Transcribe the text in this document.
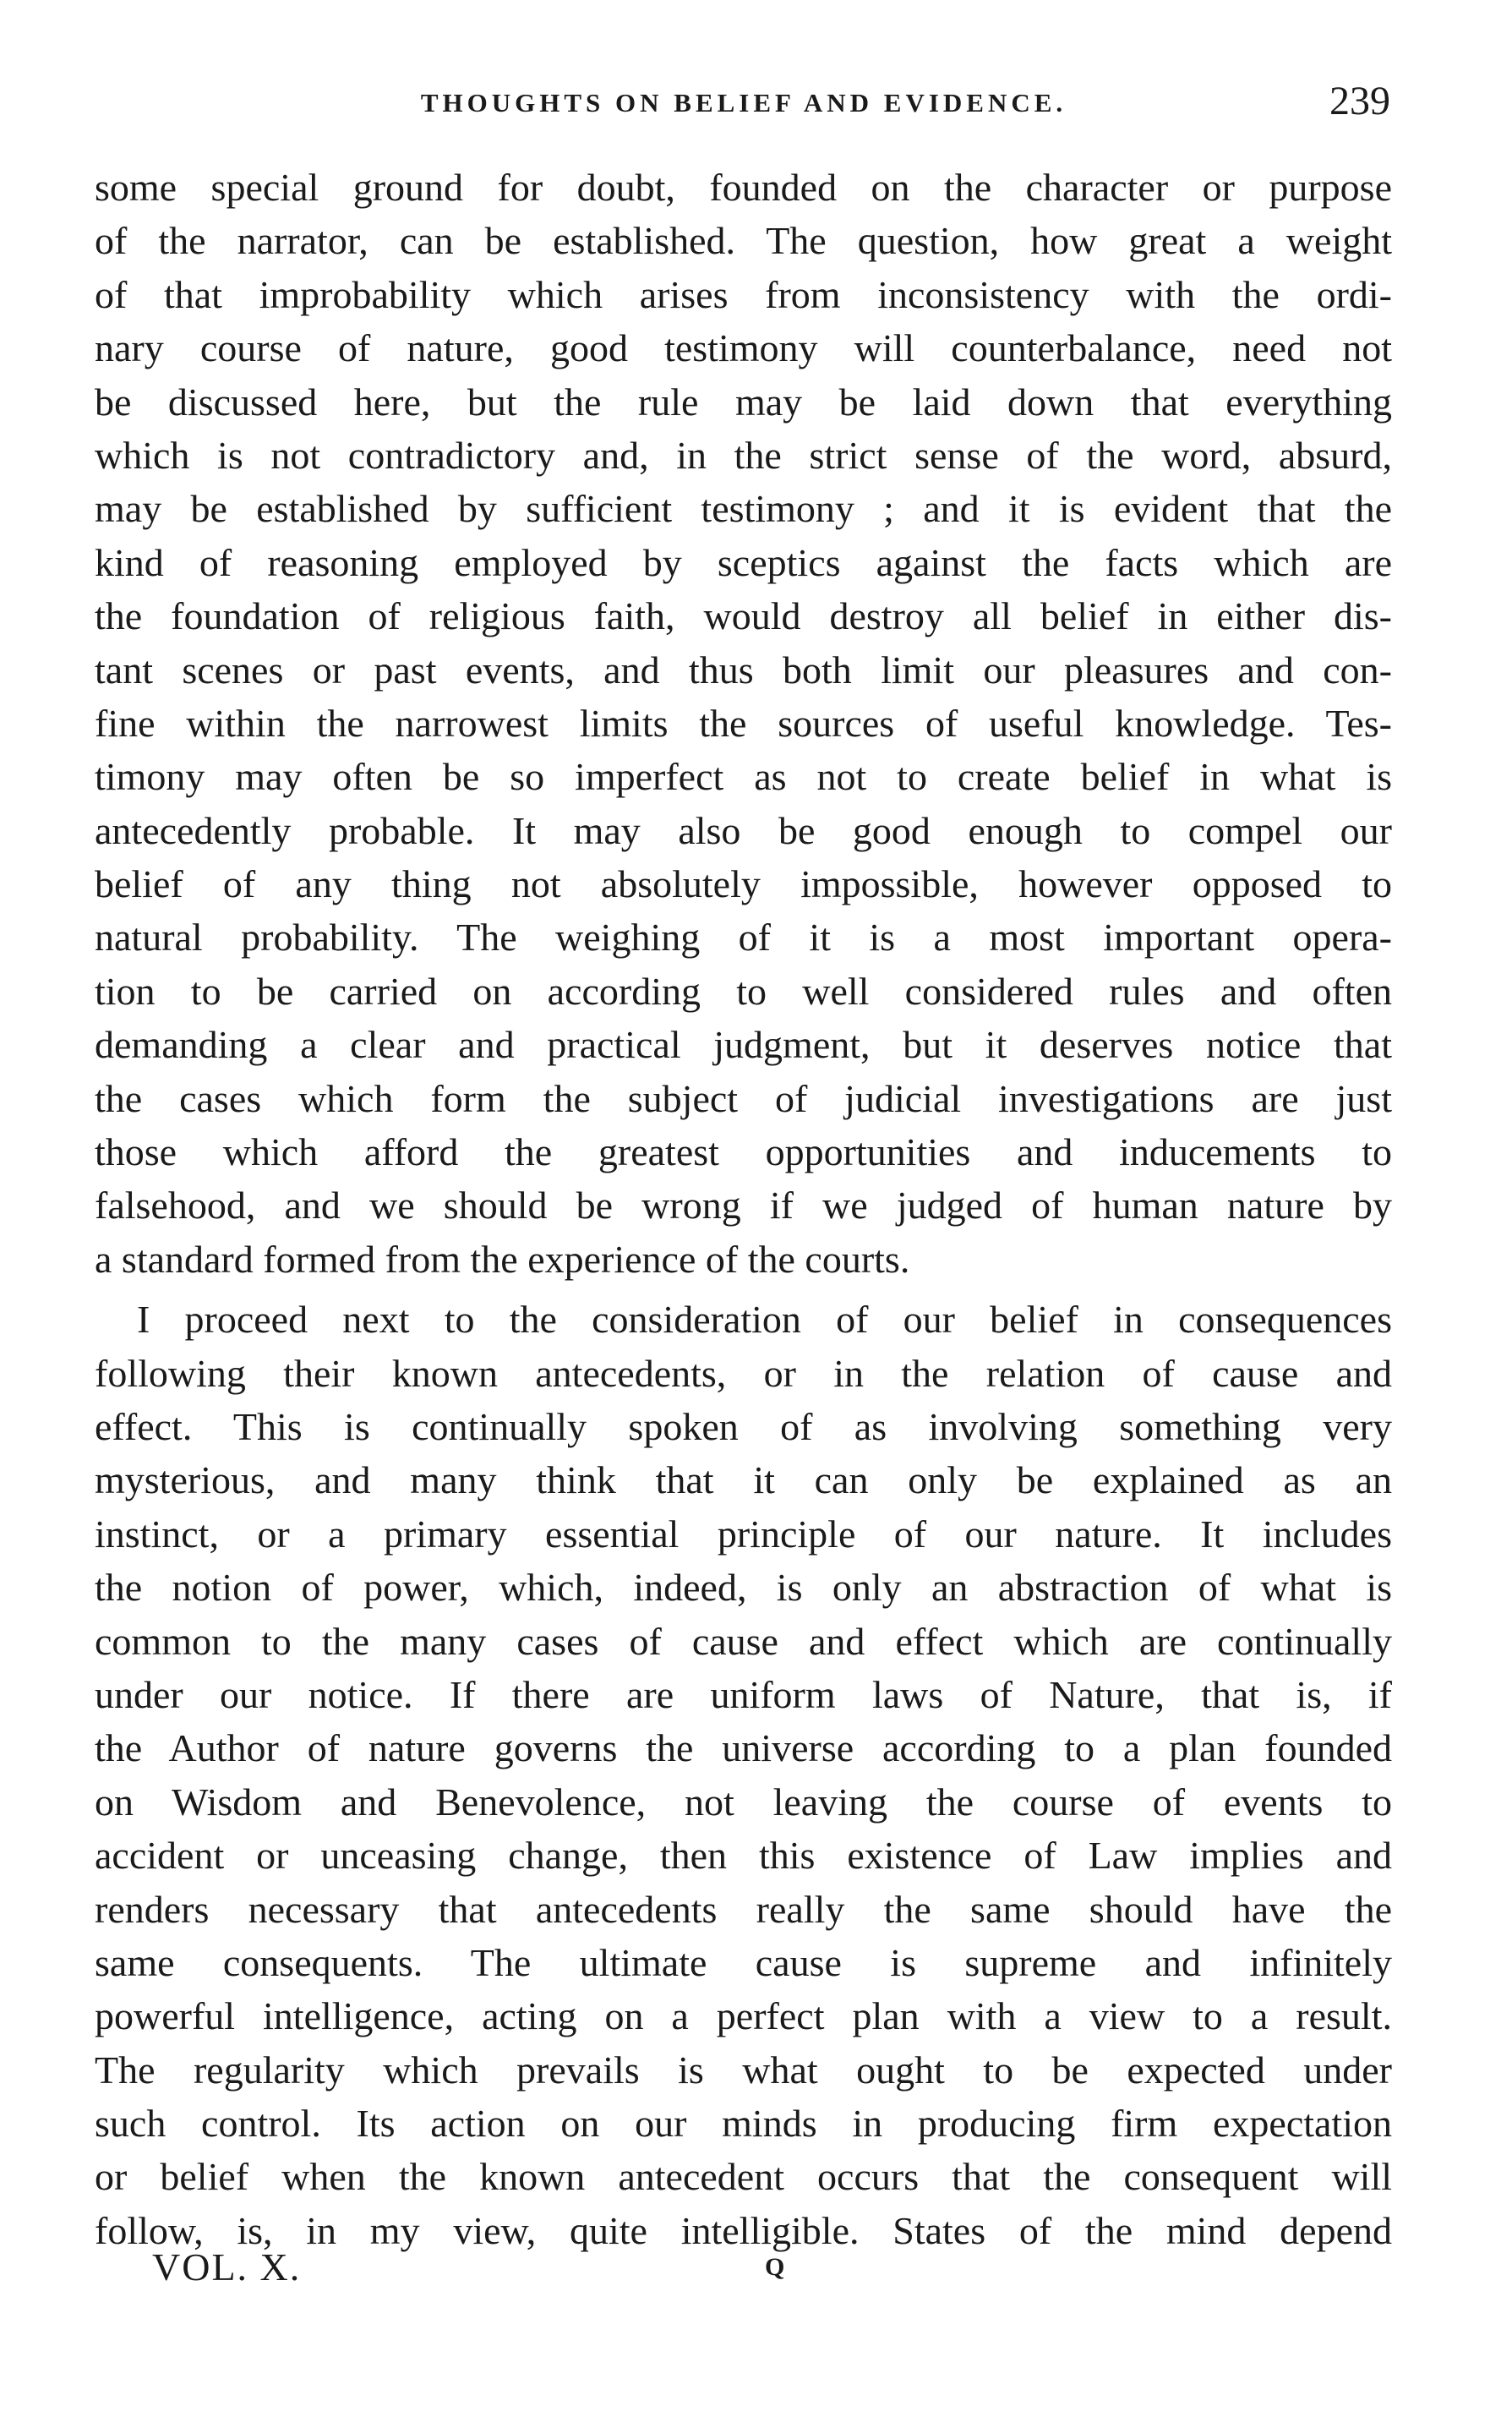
THOUGHTS ON BELIEF AND EVIDENCE.	239
some special ground for doubt, founded on the character or purpose
of the narrator, can be established. The question, how great a weight
of that improbability which arises from inconsistency with the ordi-
nary course of nature, good testimony will counterbalance, need not
be discussed here, but the rule may be laid down that everything
which is not contradictory and, in the strict sense of the word, absurd,
may be established by sufficient testimony ; and it is evident that the
kind of reasoning employed by sceptics against the facts which are
the foundation of religious faith, would destroy all belief in either dis-
tant scenes or past events, and thus both limit our pleasures and con-
fine within the narrowest limits the sources of useful knowledge. Tes-
timony may often be so imperfect as not to create belief in what is
antecedently probable. It may also be good enough to compel our
belief of any thing not absolutely impossible, however opposed to
natural probability. The weighing of it is a most important opera-
tion to be carried on according to well considered rules and often
demanding a clear and practical judgment, but it deserves notice that
the cases which form the subject of judicial investigations are just
those which afford the greatest opportunities and inducements to
falsehood, and we should be wrong if we judged of human nature by
a standard formed from the experience of the courts.
I proceed next to the consideration of our belief in consequences
following their known antecedents, or in the relation of cause and
effect. This is continually spoken of as involving something very
mysterious, and many think that it can only be explained as an
instinct, or a primary essential principle of our nature. It includes
the notion of power, which, indeed, is only an abstraction of what is
common to the many cases of cause and effect which are continually
under our notice. If there are uniform laws of Nature, that is, if
the Author of nature governs the universe according to a plan founded
on Wisdom and Benevolence, not leaving the course of events to
accident or unceasing change, then this existence of Law implies and
renders necessary that antecedents really the same should have the
same consequents. The ultimate cause is supreme and infinitely
powerful intelligence, acting on a perfect plan with a view to a result.
The regularity which prevails is what ought to be expected under
such control. Its action on our minds in producing firm expectation
or belief when the known antecedent occurs that the consequent will
follow, is, in my view, quite intelligible. States of the mind depend
VOL. X.	Q
